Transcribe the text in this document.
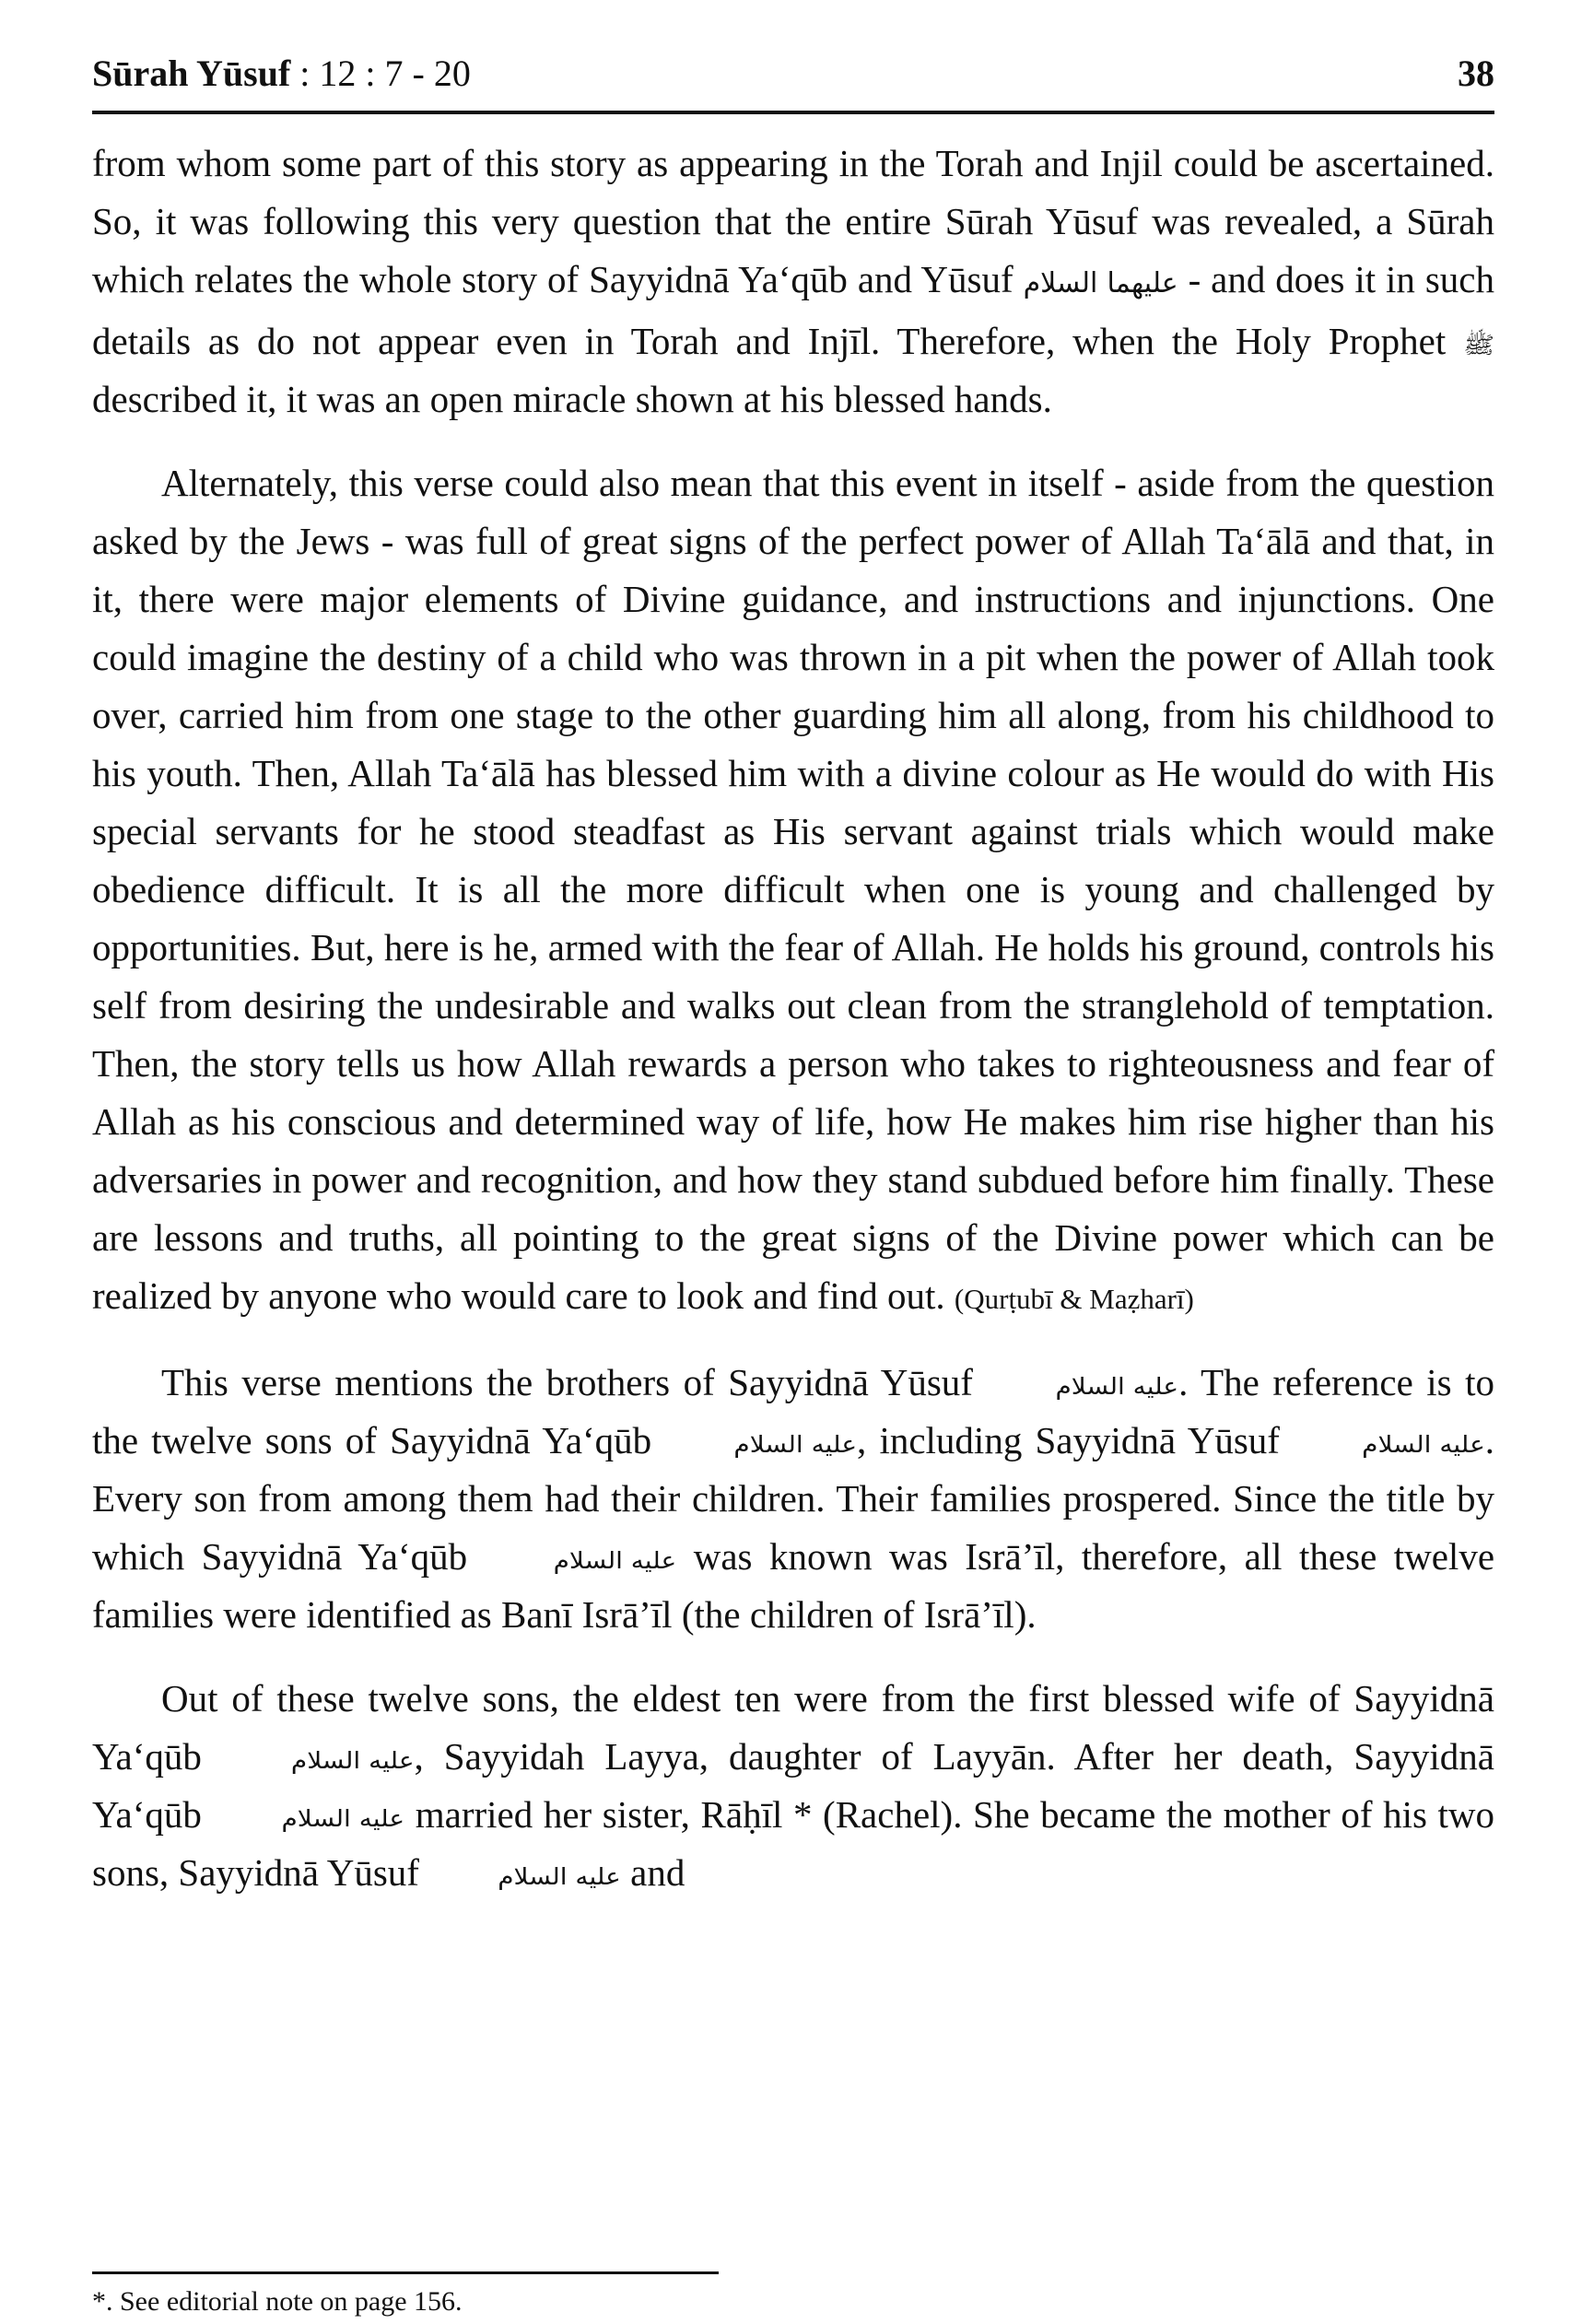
Sūrah Yūsuf : 12 : 7 - 20	38

from whom some part of this story as appearing in the Torah and Injil could be ascertained. So, it was following this very question that the entire Sūrah Yūsuf was revealed, a Sūrah which relates the whole story of Sayyidnā Ya‘qūb and Yūsuf عليهما السلام - and does it in such details as do not appear even in Torah and Injīl. Therefore, when the Holy Prophet ﷺ described it, it was an open miracle shown at his blessed hands.

Alternately, this verse could also mean that this event in itself - aside from the question asked by the Jews - was full of great signs of the perfect power of Allah Ta‘ālā and that, in it, there were major elements of Divine guidance, and instructions and injunctions. One could imagine the destiny of a child who was thrown in a pit when the power of Allah took over, carried him from one stage to the other guarding him all along, from his childhood to his youth. Then, Allah Ta‘ālā has blessed him with a divine colour as He would do with His special servants for he stood steadfast as His servant against trials which would make obedience difficult. It is all the more difficult when one is young and challenged by opportunities. But, here is he, armed with the fear of Allah. He holds his ground, controls his self from desiring the undesirable and walks out clean from the stranglehold of temptation. Then, the story tells us how Allah rewards a person who takes to righteousness and fear of Allah as his conscious and determined way of life, how He makes him rise higher than his adversaries in power and recognition, and how they stand subdued before him finally. These are lessons and truths, all pointing to the great signs of the Divine power which can be realized by anyone who would care to look and find out. (Qurṭubī & Maẓharī)

This verse mentions the brothers of Sayyidnā Yūsuf	عليه السلام. The reference is to the twelve sons of Sayyidnā Ya‘qūb	عليه السلام, including Sayyidnā Yūsuf	عليه السلام. Every son from among them had their children. Their families prospered. Since the title by which Sayyidnā Ya‘qūb	عليه السلام was known was Isrā’īl, therefore, all these twelve families were identified as Banī Isrā’īl (the children of Isrā’īl).

Out of these twelve sons, the eldest ten were from the first blessed wife of Sayyidnā Ya‘qūb	عليه السلام, Sayyidah Layya, daughter of Layyān. After her death, Sayyidnā Ya‘qūb	عليه السلام married her sister, Rāḥīl * (Rachel). She became the mother of his two sons, Sayyidnā Yūsuf	عليه السلام and

*. See editorial note on page 156.
